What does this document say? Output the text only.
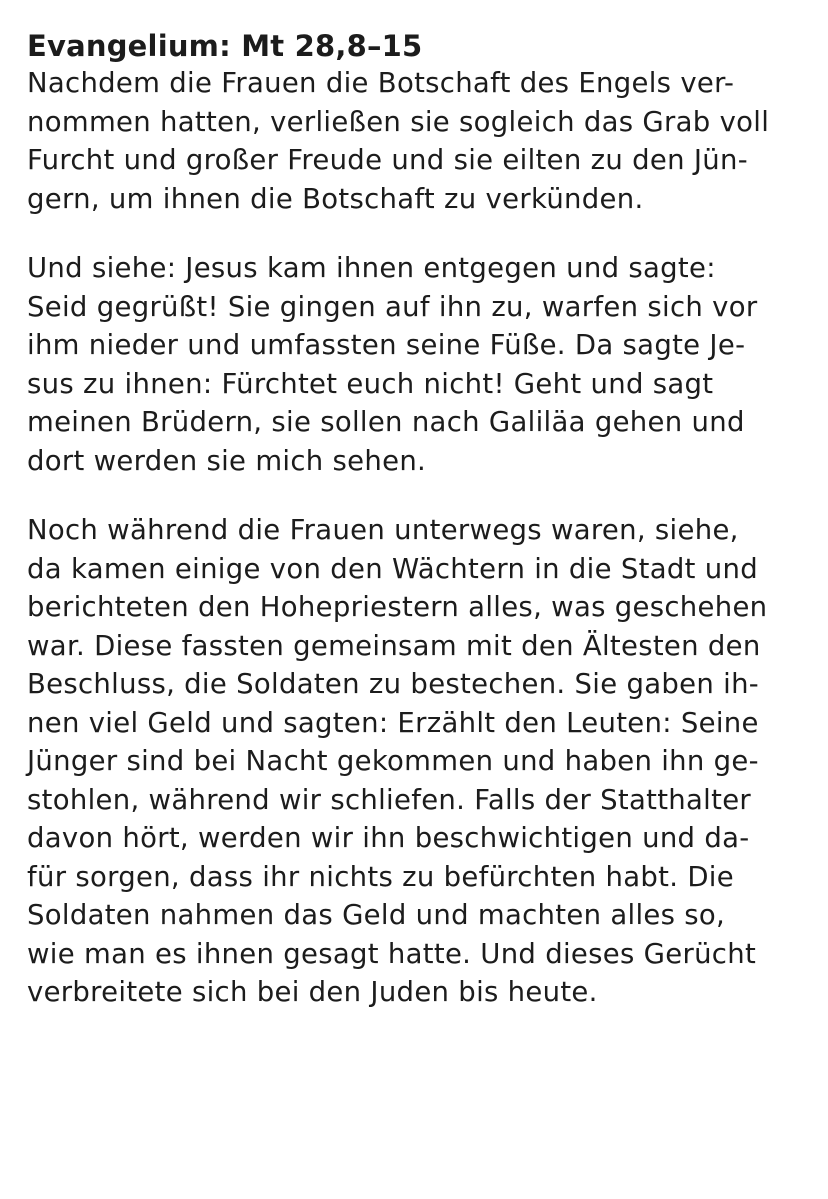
Evangelium: Mt 28,8–15

Nachdem die Frauen die Botschaft des Engels ver-
nommen hatten, verließen sie sogleich das Grab voll
Furcht und großer Freude und sie eilten zu den Jün-
gern, um ihnen die Botschaft zu verkünden.

Und siehe: Jesus kam ihnen entgegen und sagte:
Seid gegrüßt! Sie gingen auf ihn zu, warfen sich vor
ihm nieder und umfassten seine Füße. Da sagte Je-
sus zu ihnen: Fürchtet euch nicht! Geht und sagt
meinen Brüdern, sie sollen nach Galiläa gehen und
dort werden sie mich sehen.

Noch während die Frauen unterwegs waren, siehe,
da kamen einige von den Wächtern in die Stadt und
berichteten den Hohepriestern alles, was geschehen
war. Diese fassten gemeinsam mit den Ältesten den
Beschluss, die Soldaten zu bestechen. Sie gaben ih-
nen viel Geld und sagten: Erzählt den Leuten: Seine
Jünger sind bei Nacht gekommen und haben ihn ge-
stohlen, während wir schliefen. Falls der Statthalter
davon hört, werden wir ihn beschwichtigen und da-
für sorgen, dass ihr nichts zu befürchten habt. Die
Soldaten nahmen das Geld und machten alles so,
wie man es ihnen gesagt hatte. Und dieses Gerücht
verbreitete sich bei den Juden bis heute.
